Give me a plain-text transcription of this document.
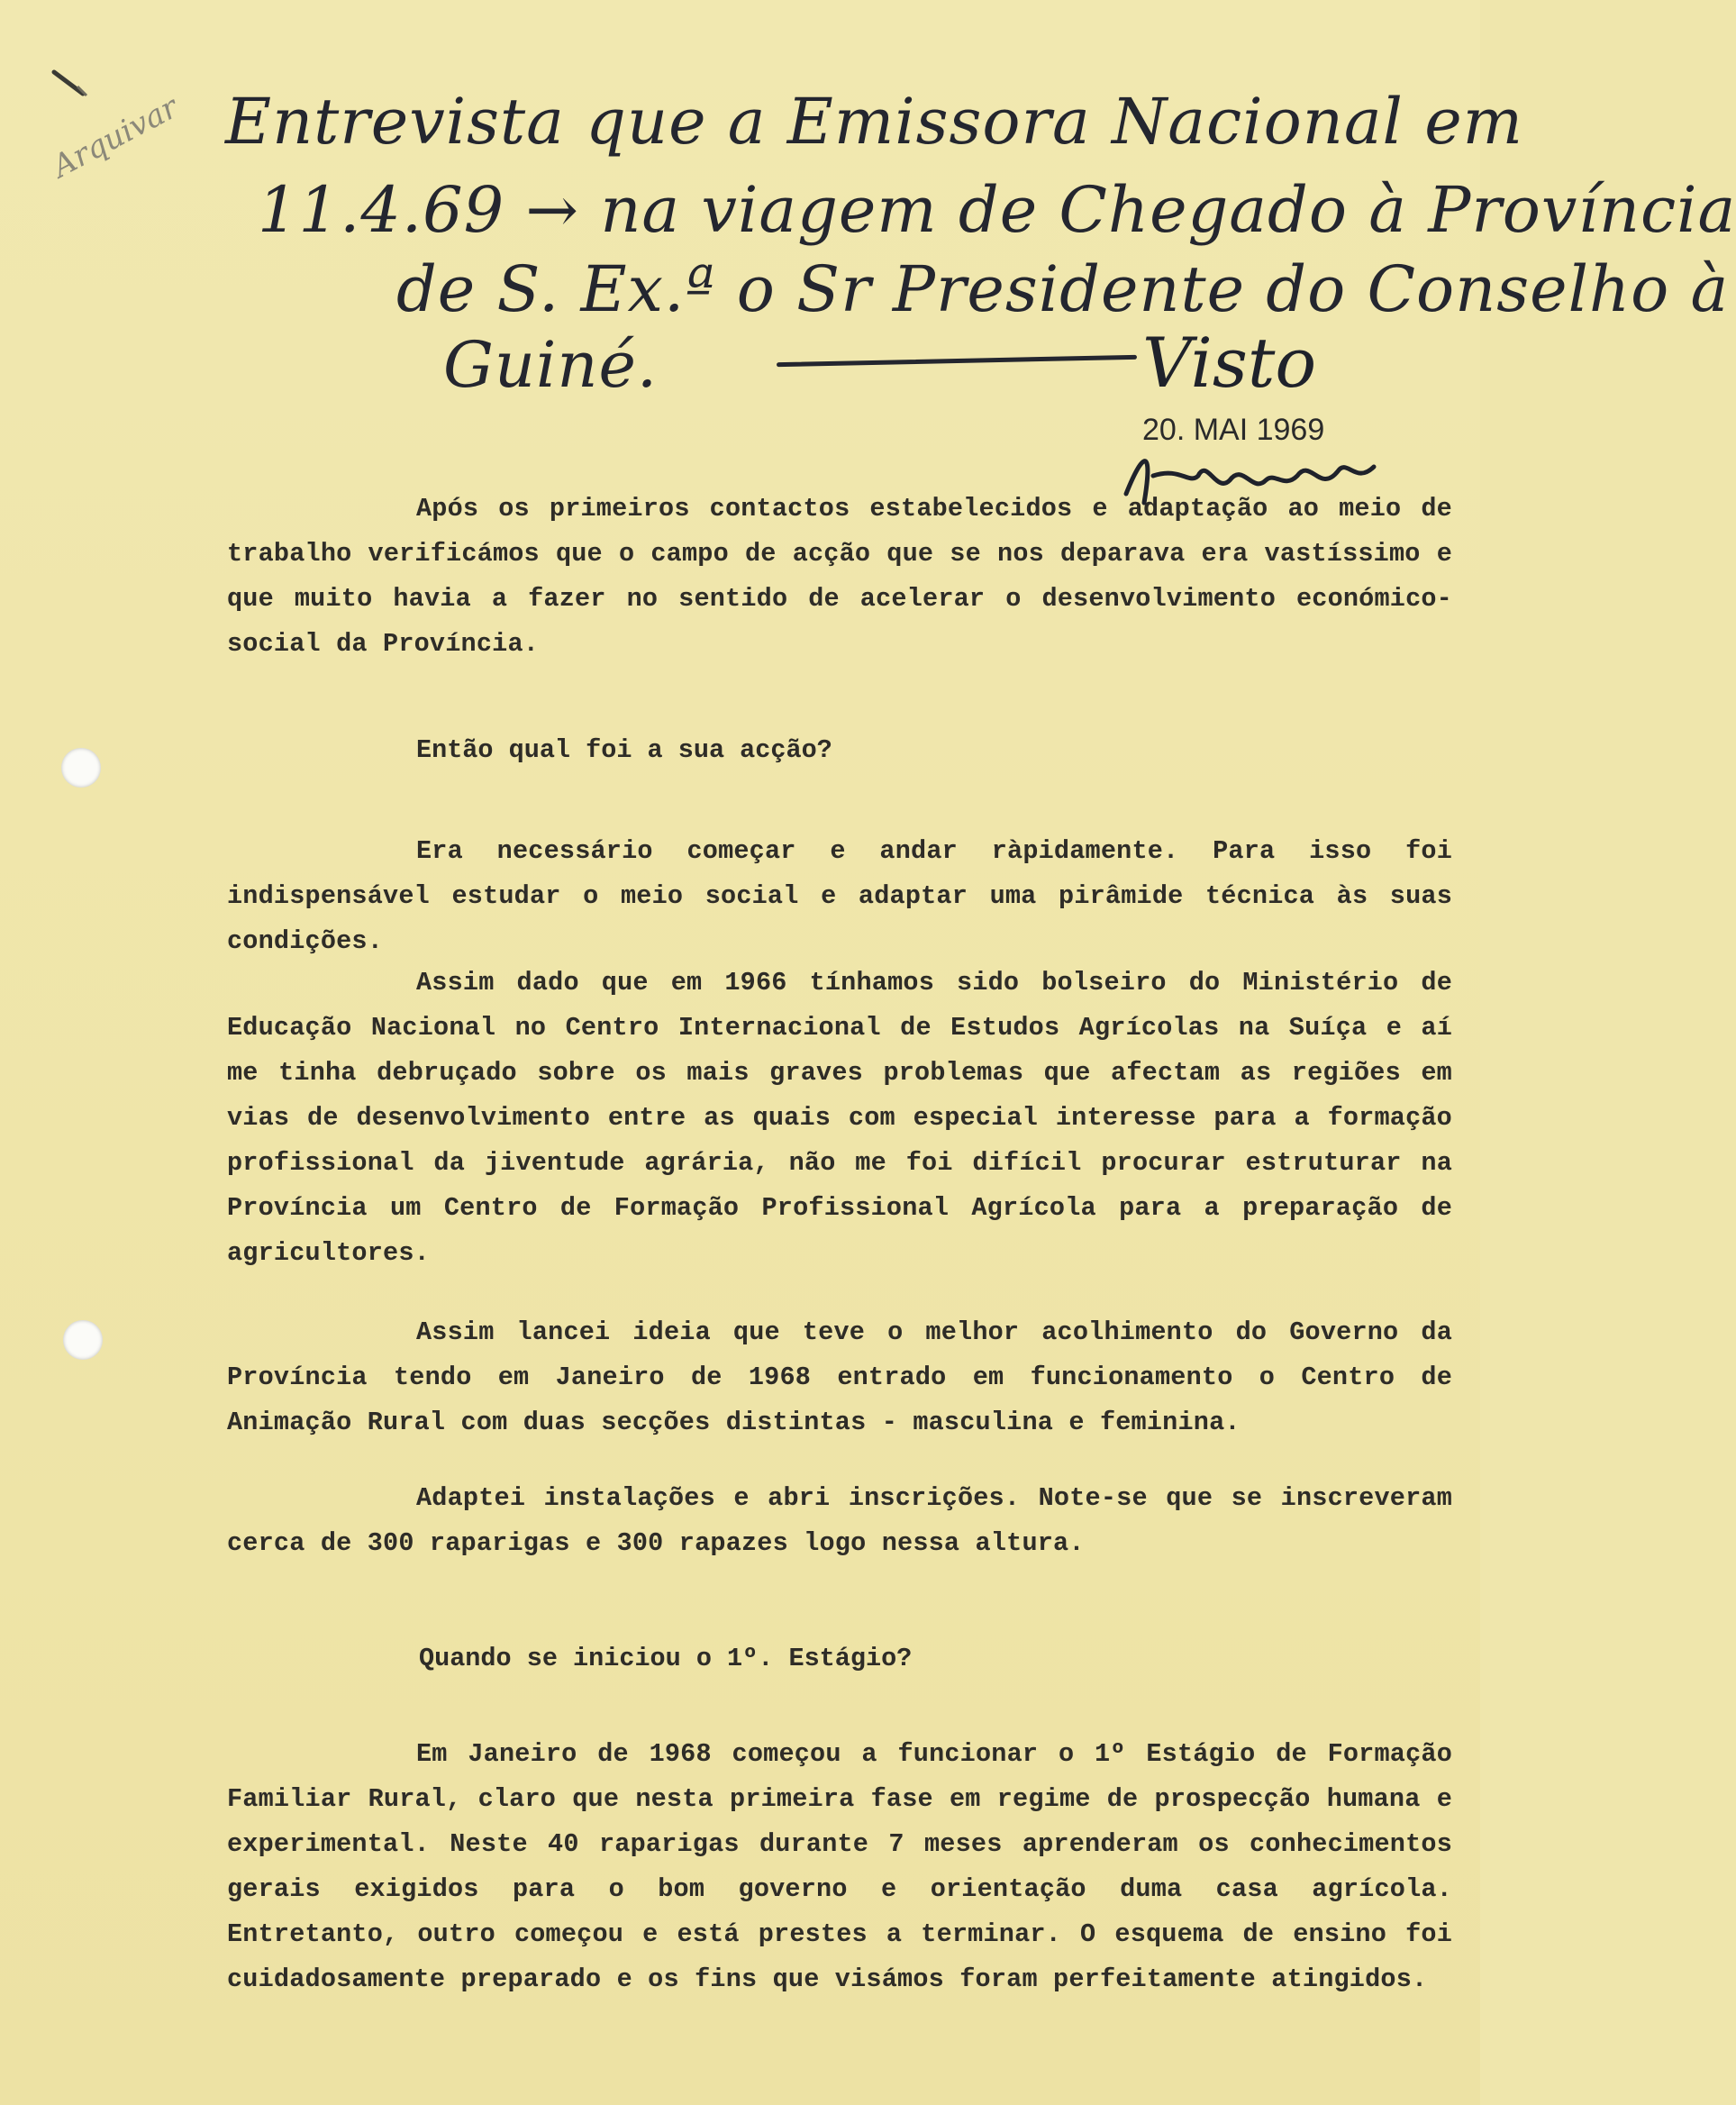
Arquivar Entrevista que a Emissora Nacional em
11.4.69 → na viagem de Chegado à Província
de S. Ex.ª o Sr Presidente do Conselho à
Guiné.	Visto
20. MAI 1969

Após os primeiros contactos estabelecidos e adaptação ao meio de trabalho verificámos que o campo de acção que se nos deparava era vastíssimo e que muito havia a fazer no sentido de acelerar o desenvolvimento económico-social da Província.

Então qual foi a sua acção?

Era necessário começar e andar ràpidamente. Para isso foi indispensável estudar o meio social e adaptar uma pirâmide técnica às suas condições.

Assim dado que em 1966 tínhamos sido bolseiro do Ministério de Educação Nacional no Centro Internacional de Estudos Agrícolas na Suíça e aí me tinha debruçado sobre os mais graves problemas que afectam as regiões em vias de desenvolvimento entre as quais com especial interesse para a formação profissional da jiventude agrária, não me foi difícil procurar estruturar na Província um Centro de Formação Profissional Agrícola para a preparação de agricultores.

Assim lancei ideia que teve o melhor acolhimento do Governo da Província tendo em Janeiro de 1968 entrado em funcionamento o Centro de Animação Rural com duas secções distintas - masculina e feminina.

Adaptei instalações e abri inscrições. Note-se que se inscreveram cerca de 300 raparigas e 300 rapazes logo nessa altura.

Quando se iniciou o 1º. Estágio?

Em Janeiro de 1968 começou a funcionar o 1º Estágio de Formação Familiar Rural, claro que nesta primeira fase em regime de prospecção humana e experimental. Neste 40 raparigas durante 7 meses aprenderam os conhecimentos gerais exigidos para o bom governo e orientação duma casa agrícola. Entretanto, outro começou e está prestes a terminar. O esquema de ensino foi cuidadosamente preparado e os fins que visámos foram perfeitamente atingidos.
